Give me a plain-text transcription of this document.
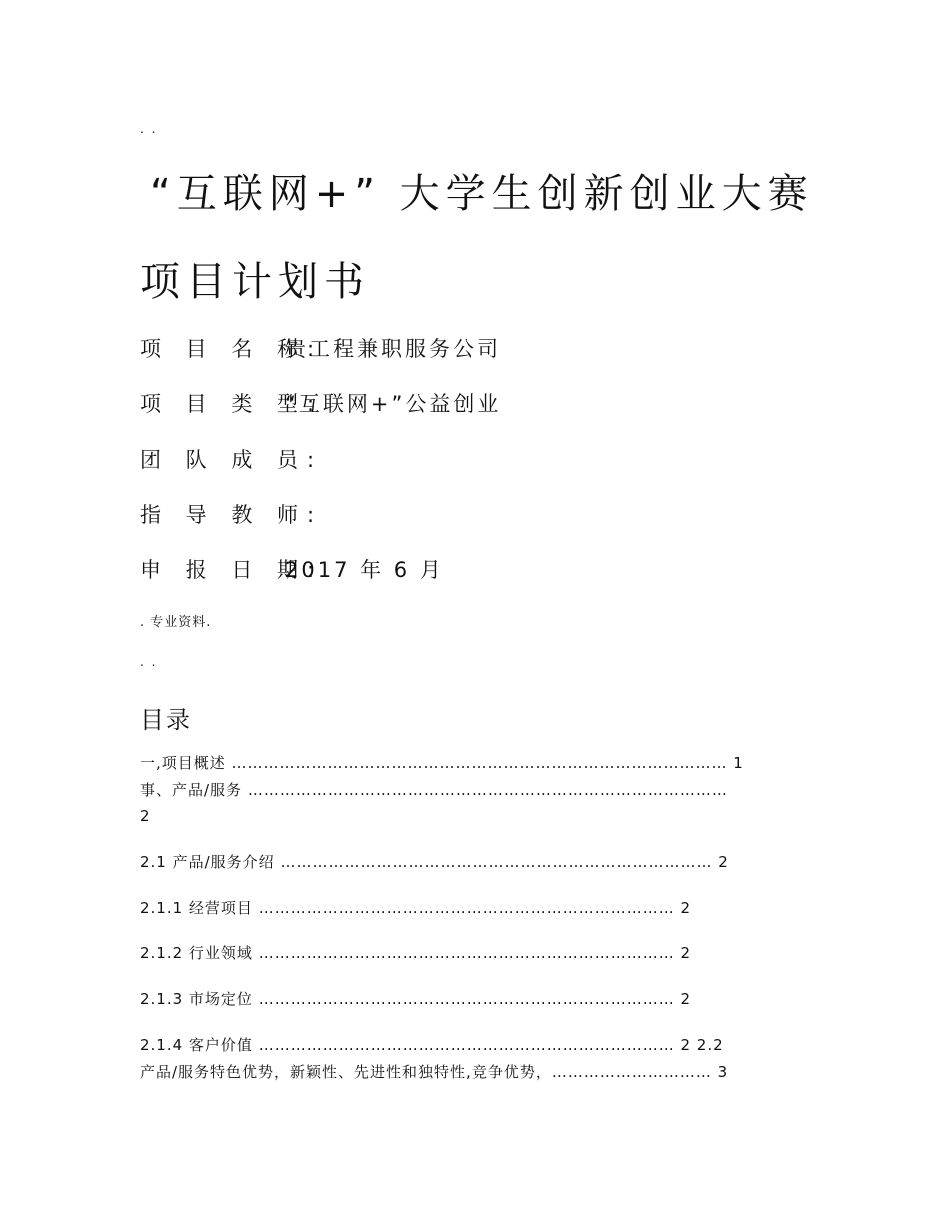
. .
“互联网+” 大学生创新创业大赛
项目计划书
项 目 名 称:贵工程兼职服务公司
项 目 类 型:“互联网+”公益创业
团 队 成 员:
指 导 教 师:
申 报 日 期:2017 年 6 月
. 专业资料.
. .
目录
一,项目概述 ………………………………………………………………………………… 1
事、产品/服务 ………………………………………………………………………………
2
2.1 产品/服务介绍 ……………………………………………………………………… 2
2.1.1 经营项目 …………………………………………………………………… 2
2.1.2 行业领域 …………………………………………………………………… 2
2.1.3 市场定位 …………………………………………………………………… 2
2.1.4 客户价值 …………………………………………………………………… 2 2.2
产品/服务特色优势，新颖性、先进性和独特性,竞争优势，………………………… 3
